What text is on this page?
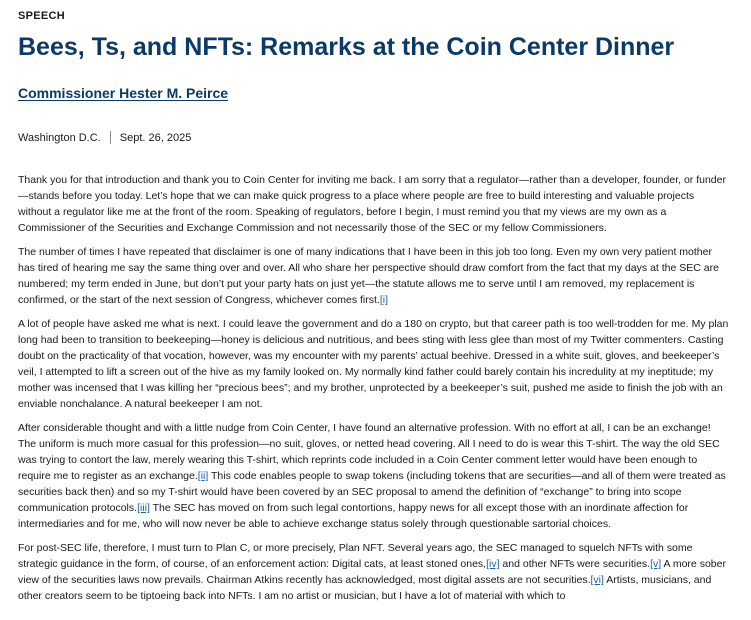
SPEECH
Bees, Ts, and NFTs: Remarks at the Coin Center Dinner
Commissioner Hester M. Peirce
Washington D.C. Sept. 26, 2025

Thank you for that introduction and thank you to Coin Center for inviting me back. I am sorry that a regulator—rather than a developer, founder, or funder—stands before you today. Let’s hope that we can make quick progress to a place where people are free to build interesting and valuable projects without a regulator like me at the front of the room. Speaking of regulators, before I begin, I must remind you that my views are my own as a Commissioner of the Securities and Exchange Commission and not necessarily those of the SEC or my fellow Commissioners.

The number of times I have repeated that disclaimer is one of many indications that I have been in this job too long. Even my own very patient mother has tired of hearing me say the same thing over and over. All who share her perspective should draw comfort from the fact that my days at the SEC are numbered; my term ended in June, but don’t put your party hats on just yet—the statute allows me to serve until I am removed, my replacement is confirmed, or the start of the next session of Congress, whichever comes first.[i]

A lot of people have asked me what is next. I could leave the government and do a 180 on crypto, but that career path is too well-trodden for me. My plan long had been to transition to beekeeping—honey is delicious and nutritious, and bees sting with less glee than most of my Twitter commenters. Casting doubt on the practicality of that vocation, however, was my encounter with my parents’ actual beehive. Dressed in a white suit, gloves, and beekeeper’s veil, I attempted to lift a screen out of the hive as my family looked on. My normally kind father could barely contain his incredulity at my ineptitude; my mother was incensed that I was killing her “precious bees”; and my brother, unprotected by a beekeeper’s suit, pushed me aside to finish the job with an enviable nonchalance. A natural beekeeper I am not.

After considerable thought and with a little nudge from Coin Center, I have found an alternative profession. With no effort at all, I can be an exchange! The uniform is much more casual for this profession—no suit, gloves, or netted head covering. All I need to do is wear this T-shirt. The way the old SEC was trying to contort the law, merely wearing this T-shirt, which reprints code included in a Coin Center comment letter would have been enough to require me to register as an exchange.[ii] This code enables people to swap tokens (including tokens that are securities—and all of them were treated as securities back then) and so my T-shirt would have been covered by an SEC proposal to amend the definition of “exchange” to bring into scope communication protocols.[iii] The SEC has moved on from such legal contortions, happy news for all except those with an inordinate affection for intermediaries and for me, who will now never be able to achieve exchange status solely through questionable sartorial choices.

For post-SEC life, therefore, I must turn to Plan C, or more precisely, Plan NFT. Several years ago, the SEC managed to squelch NFTs with some strategic guidance in the form, of course, of an enforcement action: Digital cats, at least stoned ones,[iv] and other NFTs were securities.[v] A more sober view of the securities laws now prevails. Chairman Atkins recently has acknowledged, most digital assets are not securities.[vi] Artists, musicians, and other creators seem to be tiptoeing back into NFTs. I am no artist or musician, but I have a lot of material with which to
